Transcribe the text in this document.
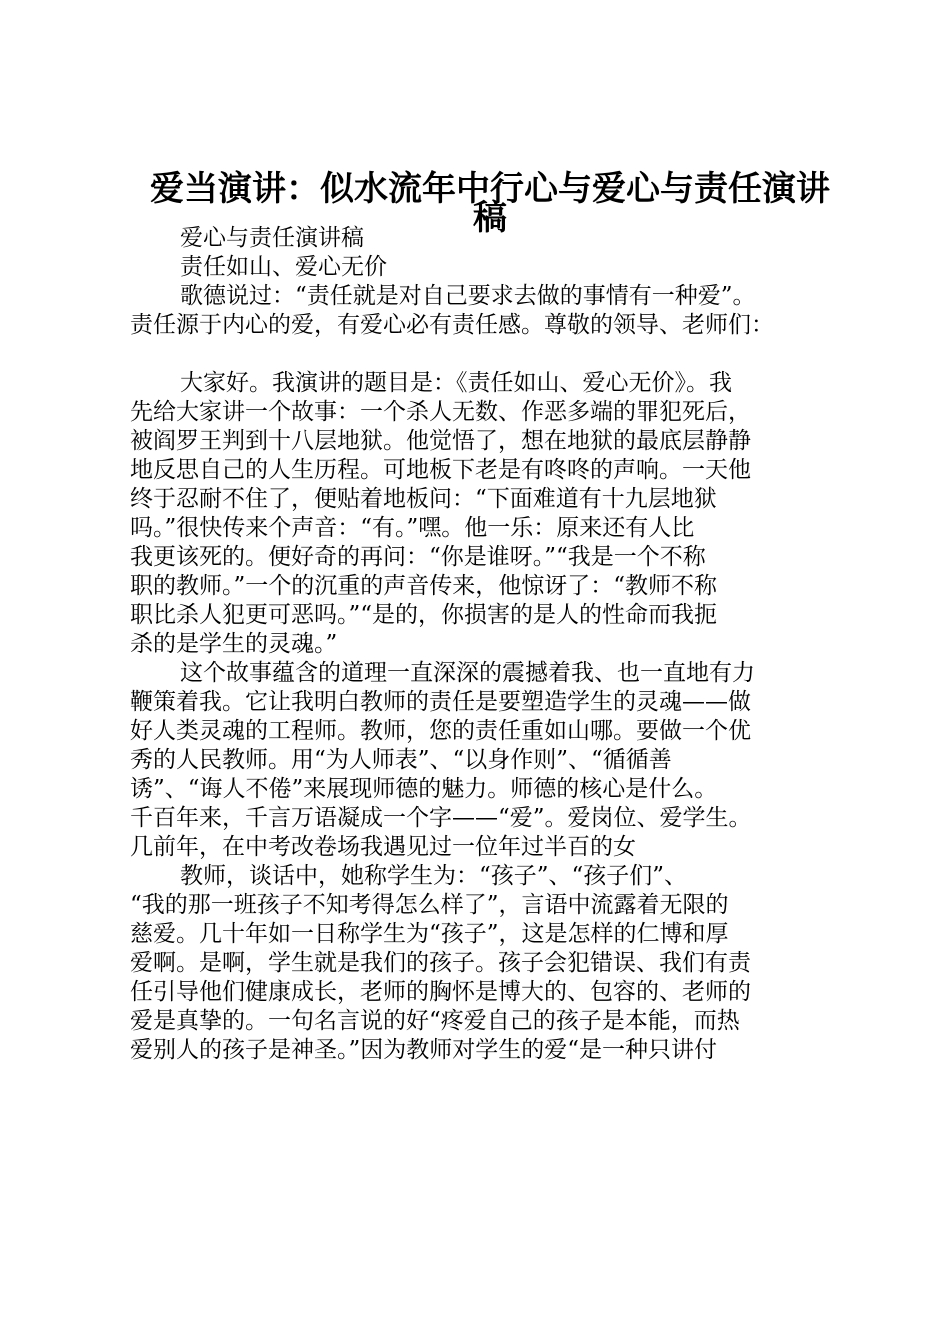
爱当演讲：似水流年中行心与爱心与责任演讲
稿
爱心与责任演讲稿
责任如山、爱心无价
歌德说过：“责任就是对自己要求去做的事情有一种爱”。
责任源于内心的爱，有爱心必有责任感。尊敬的领导、老师们：
大家好。我演讲的题目是：《责任如山、爱心无价》。我
先给大家讲一个故事：一个杀人无数、作恶多端的罪犯死后，
被阎罗王判到十八层地狱。他觉悟了，想在地狱的最底层静静
地反思自己的人生历程。可地板下老是有咚咚的声响。一天他
终于忍耐不住了，便贴着地板问：“下面难道有十九层地狱
吗。”很快传来个声音：“有。”嘿。他一乐：原来还有人比
我更该死的。便好奇的再问：“你是谁呀。”“我是一个不称
职的教师。”一个的沉重的声音传来，他惊讶了：“教师不称
职比杀人犯更可恶吗。”“是的，你损害的是人的性命而我扼
杀的是学生的灵魂。”
这个故事蕴含的道理一直深深的震撼着我、也一直地有力
鞭策着我。它让我明白教师的责任是要塑造学生的灵魂——做
好人类灵魂的工程师。教师，您的责任重如山哪。要做一个优
秀的人民教师。用“为人师表”、“以身作则”、“循循善
诱”、“诲人不倦”来展现师德的魅力。师德的核心是什么。
千百年来，千言万语凝成一个字——“爱”。爱岗位、爱学生。
几前年，在中考改卷场我遇见过一位年过半百的女
教师，谈话中，她称学生为：“孩子”、“孩子们”、
“我的那一班孩子不知考得怎么样了”，言语中流露着无限的
慈爱。几十年如一日称学生为“孩子”，这是怎样的仁博和厚
爱啊。是啊，学生就是我们的孩子。孩子会犯错误、我们有责
任引导他们健康成长，老师的胸怀是博大的、包容的、老师的
爱是真挚的。一句名言说的好“疼爱自己的孩子是本能，而热
爱别人的孩子是神圣。”因为教师对学生的爱“是一种只讲付
